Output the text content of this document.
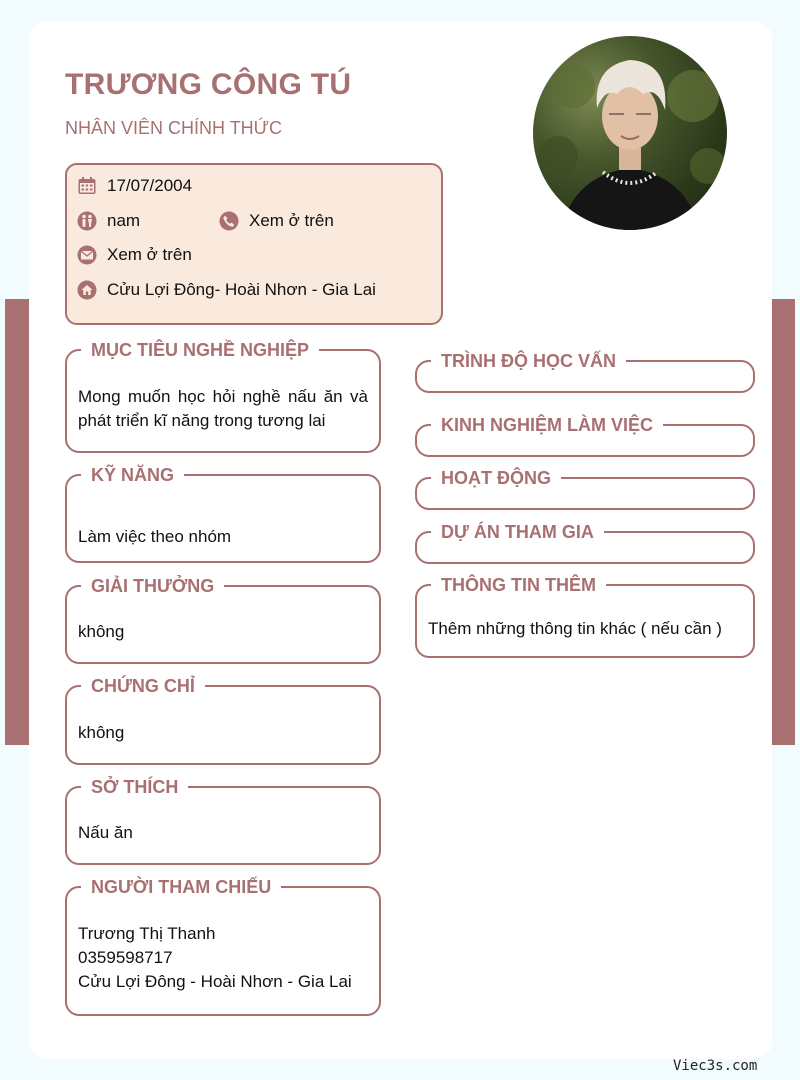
TRƯƠNG CÔNG TÚ
NHÂN VIÊN CHÍNH THỨC
17/07/2004
nam	Xem ở trên
Xem ở trên
Cửu Lợi Đông- Hoài Nhơn - Gia Lai
MỤC TIÊU NGHỀ NGHIỆP
Mong muốn học hỏi nghề nấu ăn và phát triển kĩ năng trong tương lai
KỸ NĂNG
Làm việc theo nhóm
GIẢI THƯỞNG
không
CHỨNG CHỈ
không
SỞ THÍCH
Nấu ăn
NGƯỜI THAM CHIẾU
Trương Thị Thanh
0359598717
Cửu Lợi Đông - Hoài Nhơn - Gia Lai
TRÌNH ĐỘ HỌC VẤN
KINH NGHIỆM LÀM VIỆC
HOẠT ĐỘNG
DỰ ÁN THAM GIA
THÔNG TIN THÊM
Thêm những thông tin khác ( nếu cần )
Viec3s.com
